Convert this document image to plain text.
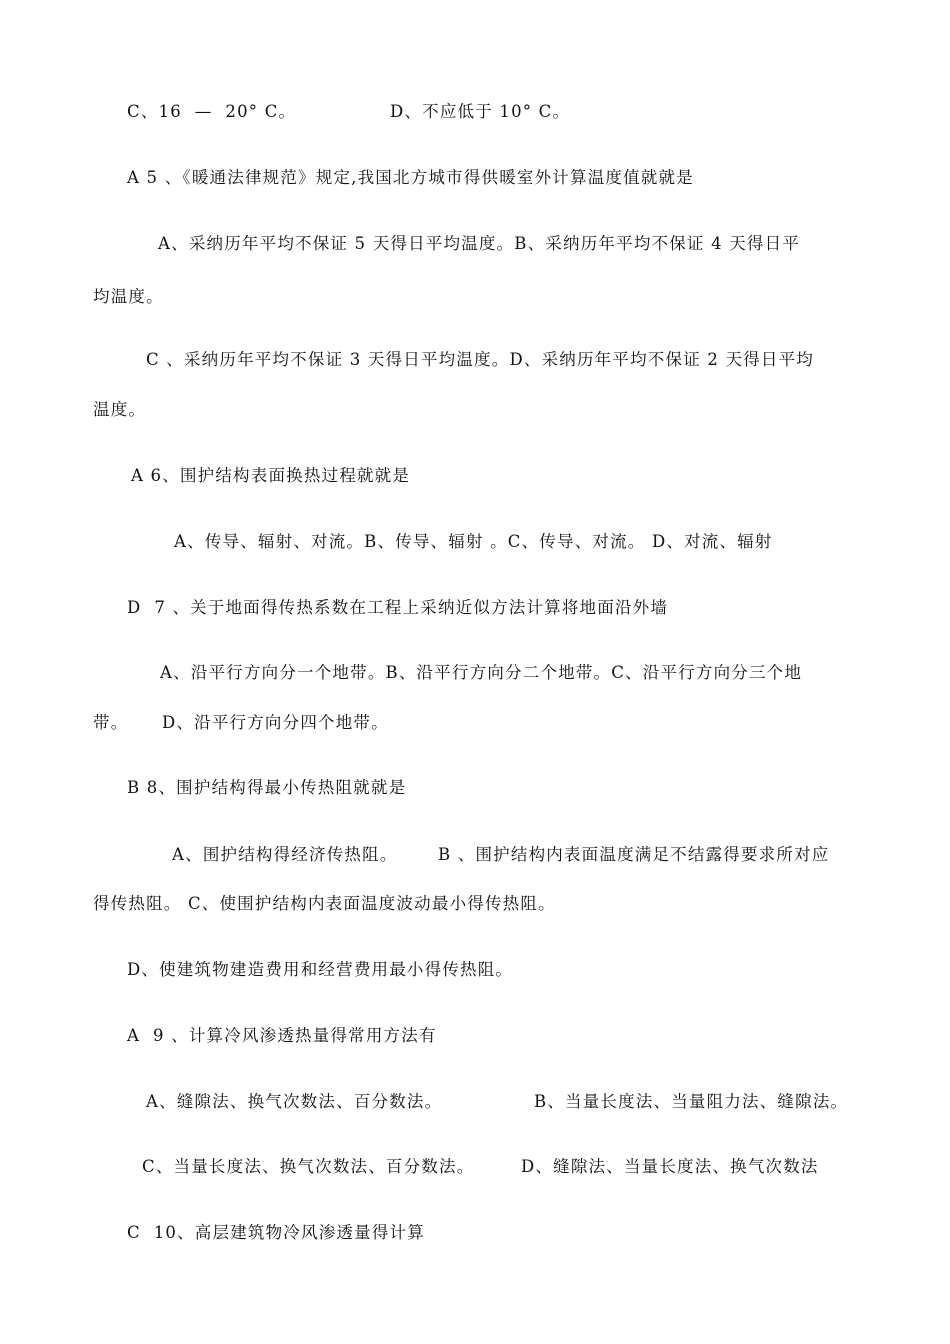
C、16  —  20° C。

	D、不应低于 10° C。

A 5 、《暖通法律规范》规定,我国北方城市得供暖室外计算温度值就就是
A、采纳历年平均不保证 5 天得日平均温度。B、采纳历年平均不保证 4 天得日平
均温度。
C 、采纳历年平均不保证 3 天得日平均温度。D、采纳历年平均不保证 2 天得日平均
温度。
A 6、围护结构表面换热过程就就是
A、传导、辐射、对流。B、传导、辐射 。C、传导、对流。 D、对流、辐射
D  7 、关于地面得传热系数在工程上采纳近似方法计算将地面沿外墙
A、沿平行方向分一个地带。B、沿平行方向分二个地带。C、沿平行方向分三个地

带。

D、沿平行方向分四个地带。

B 8、围护结构得最小传热阻就就是

A、围护结构得经济传热阻。

B 、围护结构内表面温度满足不结露得要求所对应

得传热阻。 C、使围护结构内表面温度波动最小得传热阻。
D、使建筑物建造费用和经营费用最小得传热阻。
A  9 、计算冷风渗透热量得常用方法有

A、缝隙法、换气次数法、百分数法。

	B、当量长度法、当量阻力法、缝隙法。

C、当量长度法、换气次数法、百分数法。

	D、缝隙法、当量长度法、换气次数法

C  10、高层建筑物冷风渗透量得计算
